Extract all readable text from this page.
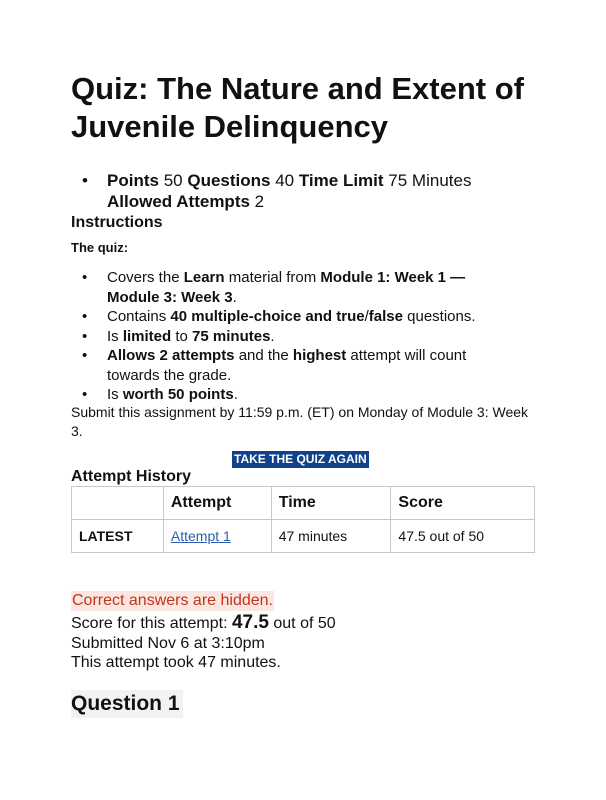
Quiz: The Nature and Extent of Juvenile Delinquency
• Points 50 Questions 40 Time Limit 75 Minutes
Allowed Attempts 2
Instructions

The quiz:

• Covers the Learn material from Module 1: Week 1 — Module 3: Week 3.
• Contains 40 multiple-choice and true/false questions.
• Is limited to 75 minutes.
• Allows 2 attempts and the highest attempt will count towards the grade.
• Is worth 50 points.

Submit this assignment by 11:59 p.m. (ET) on Monday of Module 3: Week 3.

TAKE THE QUIZ AGAIN
Attempt History
	Attempt	Time	Score
LATEST	Attempt 1	47 minutes	47.5 out of 50

Correct answers are hidden.

Score for this attempt: 47.5 out of 50

Submitted Nov 6 at 3:10pm

This attempt took 47 minutes.

Question 1
